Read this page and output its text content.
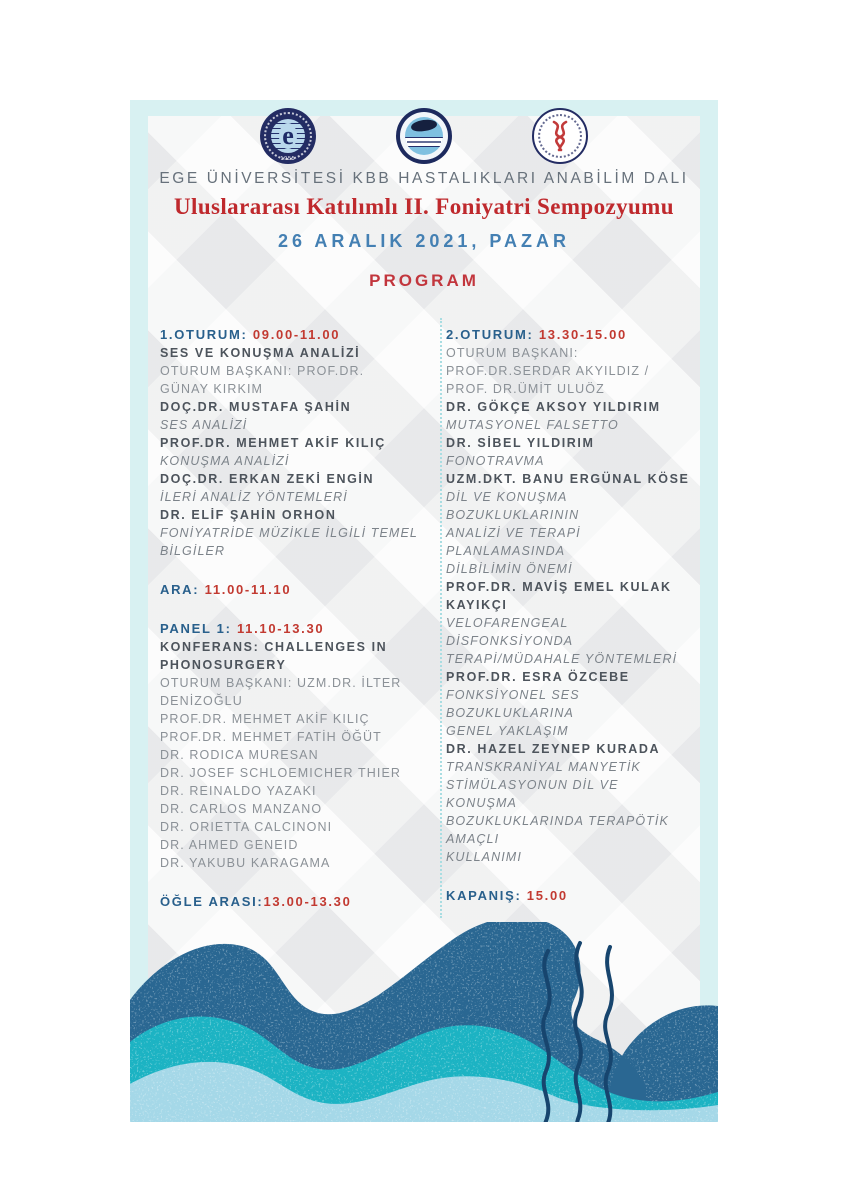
e
1955
EGE ÜNİVERSİTESİ KBB HASTALIKLARI ANABİLİM DALI
Uluslararası Katılımlı II. Foniyatri Sempozyumu
26 ARALIK 2021, PAZAR
PROGRAM
1.OTURUM: 09.00-11.00
SES VE KONUŞMA ANALİZİ
OTURUM BAŞKANI: PROF.DR.
GÜNAY KIRKIM
DOÇ.DR. MUSTAFA ŞAHİN
SES ANALİZİ
PROF.DR. MEHMET AKİF KILIÇ
KONUŞMA ANALİZİ
DOÇ.DR. ERKAN ZEKİ ENGİN
İLERİ ANALİZ YÖNTEMLERİ
DR. ELİF ŞAHİN ORHON
FONİYATRİDE MÜZİKLE İLGİLİ TEMEL
BİLGİLER
ARA: 11.00-11.10
PANEL 1: 11.10-13.30
KONFERANS: CHALLENGES IN
PHONOSURGERY
OTURUM BAŞKANI: UZM.DR. İLTER
DENİZOĞLU
PROF.DR. MEHMET AKİF KILIÇ
PROF.DR. MEHMET FATİH ÖĞÜT
DR. RODICA MURESAN
DR. JOSEF SCHLOEMICHER THIER
DR. REINALDO YAZAKI
DR. CARLOS MANZANO
DR. ORIETTA CALCINONI
DR. AHMED GENEID
DR. YAKUBU KARAGAMA
ÖĞLE ARASI:13.00-13.30
2.OTURUM: 13.30-15.00
OTURUM BAŞKANI:
PROF.DR.SERDAR AKYILDIZ /
PROF. DR.ÜMİT ULUÖZ
DR. GÖKÇE AKSOY YILDIRIM
MUTASYONEL FALSETTO
DR. SİBEL YILDIRIM
FONOTRAVMA
UZM.DKT. BANU ERGÜNAL KÖSE
DİL VE KONUŞMA BOZUKLUKLARININ
ANALİZİ VE TERAPİ PLANLAMASINDA
DİLBİLİMİN ÖNEMİ
PROF.DR. MAVİŞ EMEL KULAK
KAYIKÇI
VELOFARENGEAL DİSFONKSİYONDA
TERAPİ/MÜDAHALE YÖNTEMLERİ
PROF.DR. ESRA ÖZCEBE
FONKSİYONEL SES BOZUKLUKLARINA
GENEL YAKLAŞIM
DR. HAZEL ZEYNEP KURADA
TRANSKRANİYAL MANYETİK
STİMÜLASYONUN DİL VE KONUŞMA
BOZUKLUKLARINDA TERAPÖTİK AMAÇLI
KULLANIMI
KAPANIŞ: 15.00
